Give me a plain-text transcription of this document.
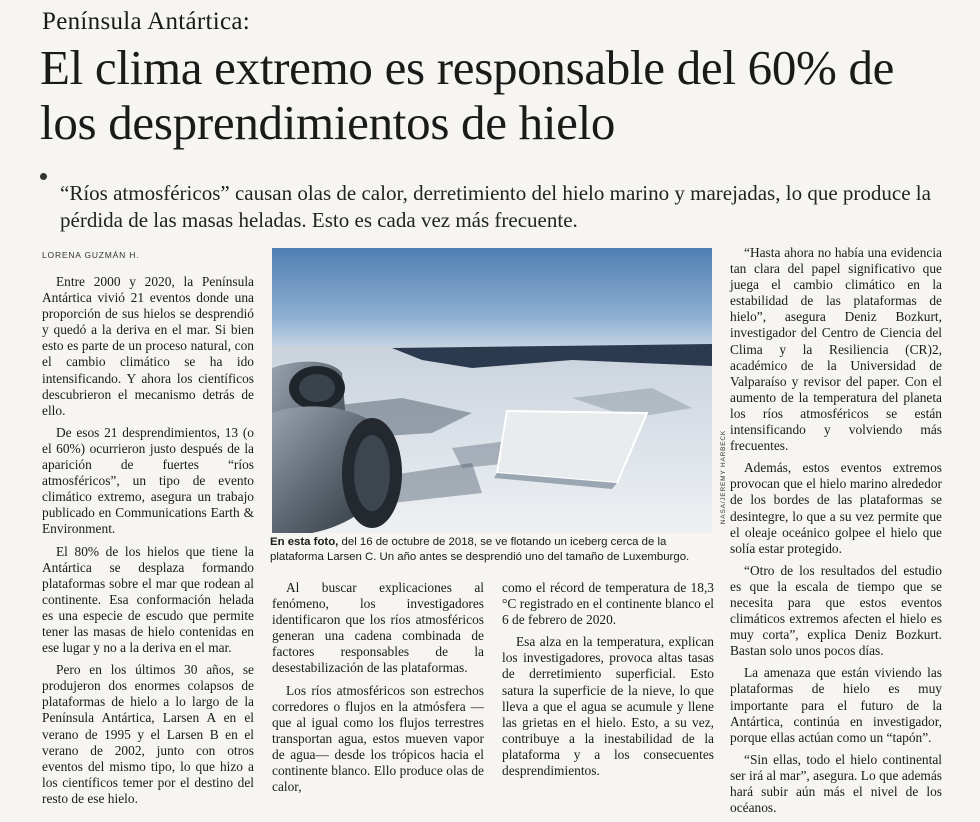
Península Antártica:
El clima extremo es responsable del 60% de los desprendimientos de hielo
“Ríos atmosféricos” causan olas de calor, derretimiento del hielo marino y marejadas, lo que produce la pérdida de las masas heladas. Esto es cada vez más frecuente.
LORENA GUZMÁN H.

Entre 2000 y 2020, la Península Antártica vivió 21 eventos donde una proporción de sus hielos se desprendió y quedó a la deriva en el mar. Si bien esto es parte de un proceso natural, con el cambio climático se ha ido intensificando. Y ahora los científicos descubrieron el mecanismo detrás de ello.

De esos 21 desprendimientos, 13 (o el 60%) ocurrieron justo después de la aparición de fuertes “ríos atmosféricos”, un tipo de evento climático extremo, asegura un trabajo publicado en Communications Earth & Environment.

El 80% de los hielos que tiene la Antártica se desplaza formando plataformas sobre el mar que rodean al continente. Esa conformación helada es una especie de escudo que permite tener las masas de hielo contenidas en ese lugar y no a la deriva en el mar.

Pero en los últimos 30 años, se produjeron dos enormes colapsos de plataformas de hielo a lo largo de la Península Antártica, Larsen A en el verano de 1995 y el Larsen B en el verano de 2002, junto con otros eventos del mismo tipo, lo que hizo a los científicos temer por el destino del resto de ese hielo.

NASA/JEREMY HARBECK
En esta foto, del 16 de octubre de 2018, se ve flotando un iceberg cerca de la plataforma Larsen C. Un año antes se desprendió uno del tamaño de Luxemburgo.

Al buscar explicaciones al fenómeno, los investigadores identificaron que los ríos atmosféricos generan una cadena combinada de factores responsables de la desestabilización de las plataformas.

Los ríos atmosféricos son estrechos corredores o flujos en la atmósfera —que al igual como los flujos terrestres transportan agua, estos mueven vapor de agua— desde los trópicos hacia el continente blanco. Ello produce olas de calor,

como el récord de temperatura de 18,3 °C registrado en el continente blanco el 6 de febrero de 2020.

Esa alza en la temperatura, explican los investigadores, provoca altas tasas de derretimiento superficial. Esto satura la superficie de la nieve, lo que lleva a que el agua se acumule y llene las grietas en el hielo. Esto, a su vez, contribuye a la inestabilidad de la plataforma y a los consecuentes desprendimientos.

“Hasta ahora no había una evidencia tan clara del papel significativo que juega el cambio climático en la estabilidad de las plataformas de hielo”, asegura Deniz Bozkurt, investigador del Centro de Ciencia del Clima y la Resiliencia (CR)2, académico de la Universidad de Valparaíso y revisor del paper. Con el aumento de la temperatura del planeta los ríos atmosféricos se están intensificando y volviendo más frecuentes.

Además, estos eventos extremos provocan que el hielo marino alrededor de los bordes de las plataformas se desintegre, lo que a su vez permite que el oleaje oceánico golpee el hielo que solía estar protegido.

“Otro de los resultados del estudio es que la escala de tiempo que se necesita para que estos eventos climáticos extremos afecten el hielo es muy corta”, explica Deniz Bozkurt. Bastan solo unos pocos días.

La amenaza que están viviendo las plataformas de hielo es muy importante para el futuro de la Antártica, continúa en investigador, porque ellas actúan como un “tapón”.

“Sin ellas, todo el hielo continental ser irá al mar”, asegura. Lo que además hará subir aún más el nivel de los océanos.
